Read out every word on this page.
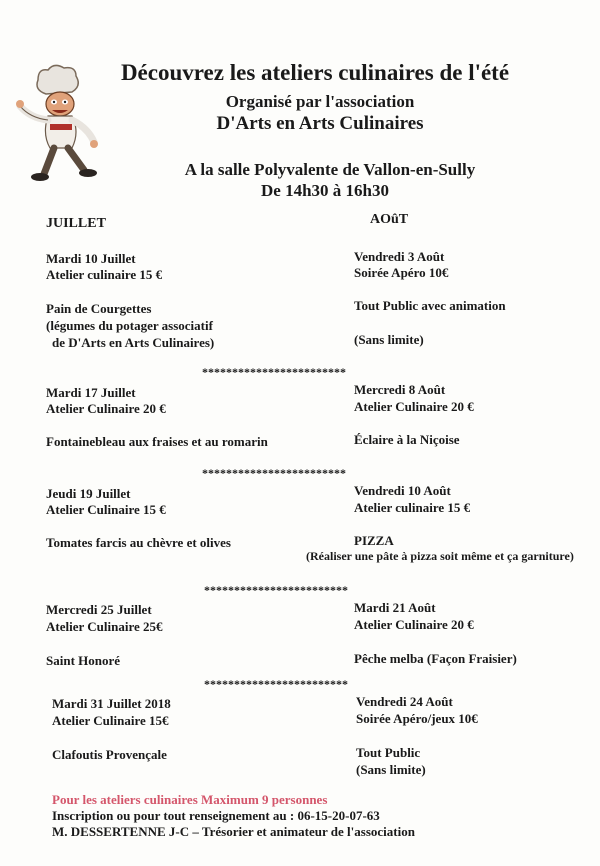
Découvrez les ateliers culinaires de l'été
Organisé par l'association
D'Arts en Arts Culinaires
A la salle Polyvalente de Vallon-en-Sully
De 14h30 à 16h30
JUILLET	AOûT
Mardi 10 Juillet
Atelier culinaire 15 €
Pain de Courgettes
(légumes du potager associatif
de D'Arts en Arts Culinaires)
Vendredi 3 Août
Soirée Apéro 10€
Tout Public avec animation
(Sans limite)
************************
Mardi 17 Juillet
Atelier Culinaire 20 €
Fontainebleau aux fraises et au romarin
Mercredi 8 Août
Atelier Culinaire 20 €
Éclaire à la Niçoise
************************
Jeudi 19 Juillet
Atelier Culinaire 15 €
Tomates farcis au chèvre et olives
Vendredi 10 Août
Atelier culinaire 15 €
PIZZA
(Réaliser une pâte à pizza soit même et ça garniture)
************************
Mercredi 25 Juillet
Atelier Culinaire 25€
Saint Honoré
Mardi 21 Août
Atelier Culinaire 20 €
Pêche melba (Façon Fraisier)
************************
Mardi 31 Juillet 2018
Atelier Culinaire 15€
Clafoutis Provençale
Vendredi 24 Août
Soirée Apéro/jeux 10€
Tout Public
(Sans limite)
Pour les ateliers culinaires Maximum 9 personnes
Inscription ou pour tout renseignement au : 06-15-20-07-63
M. DESSERTENNE J-C – Trésorier et animateur de l'association
